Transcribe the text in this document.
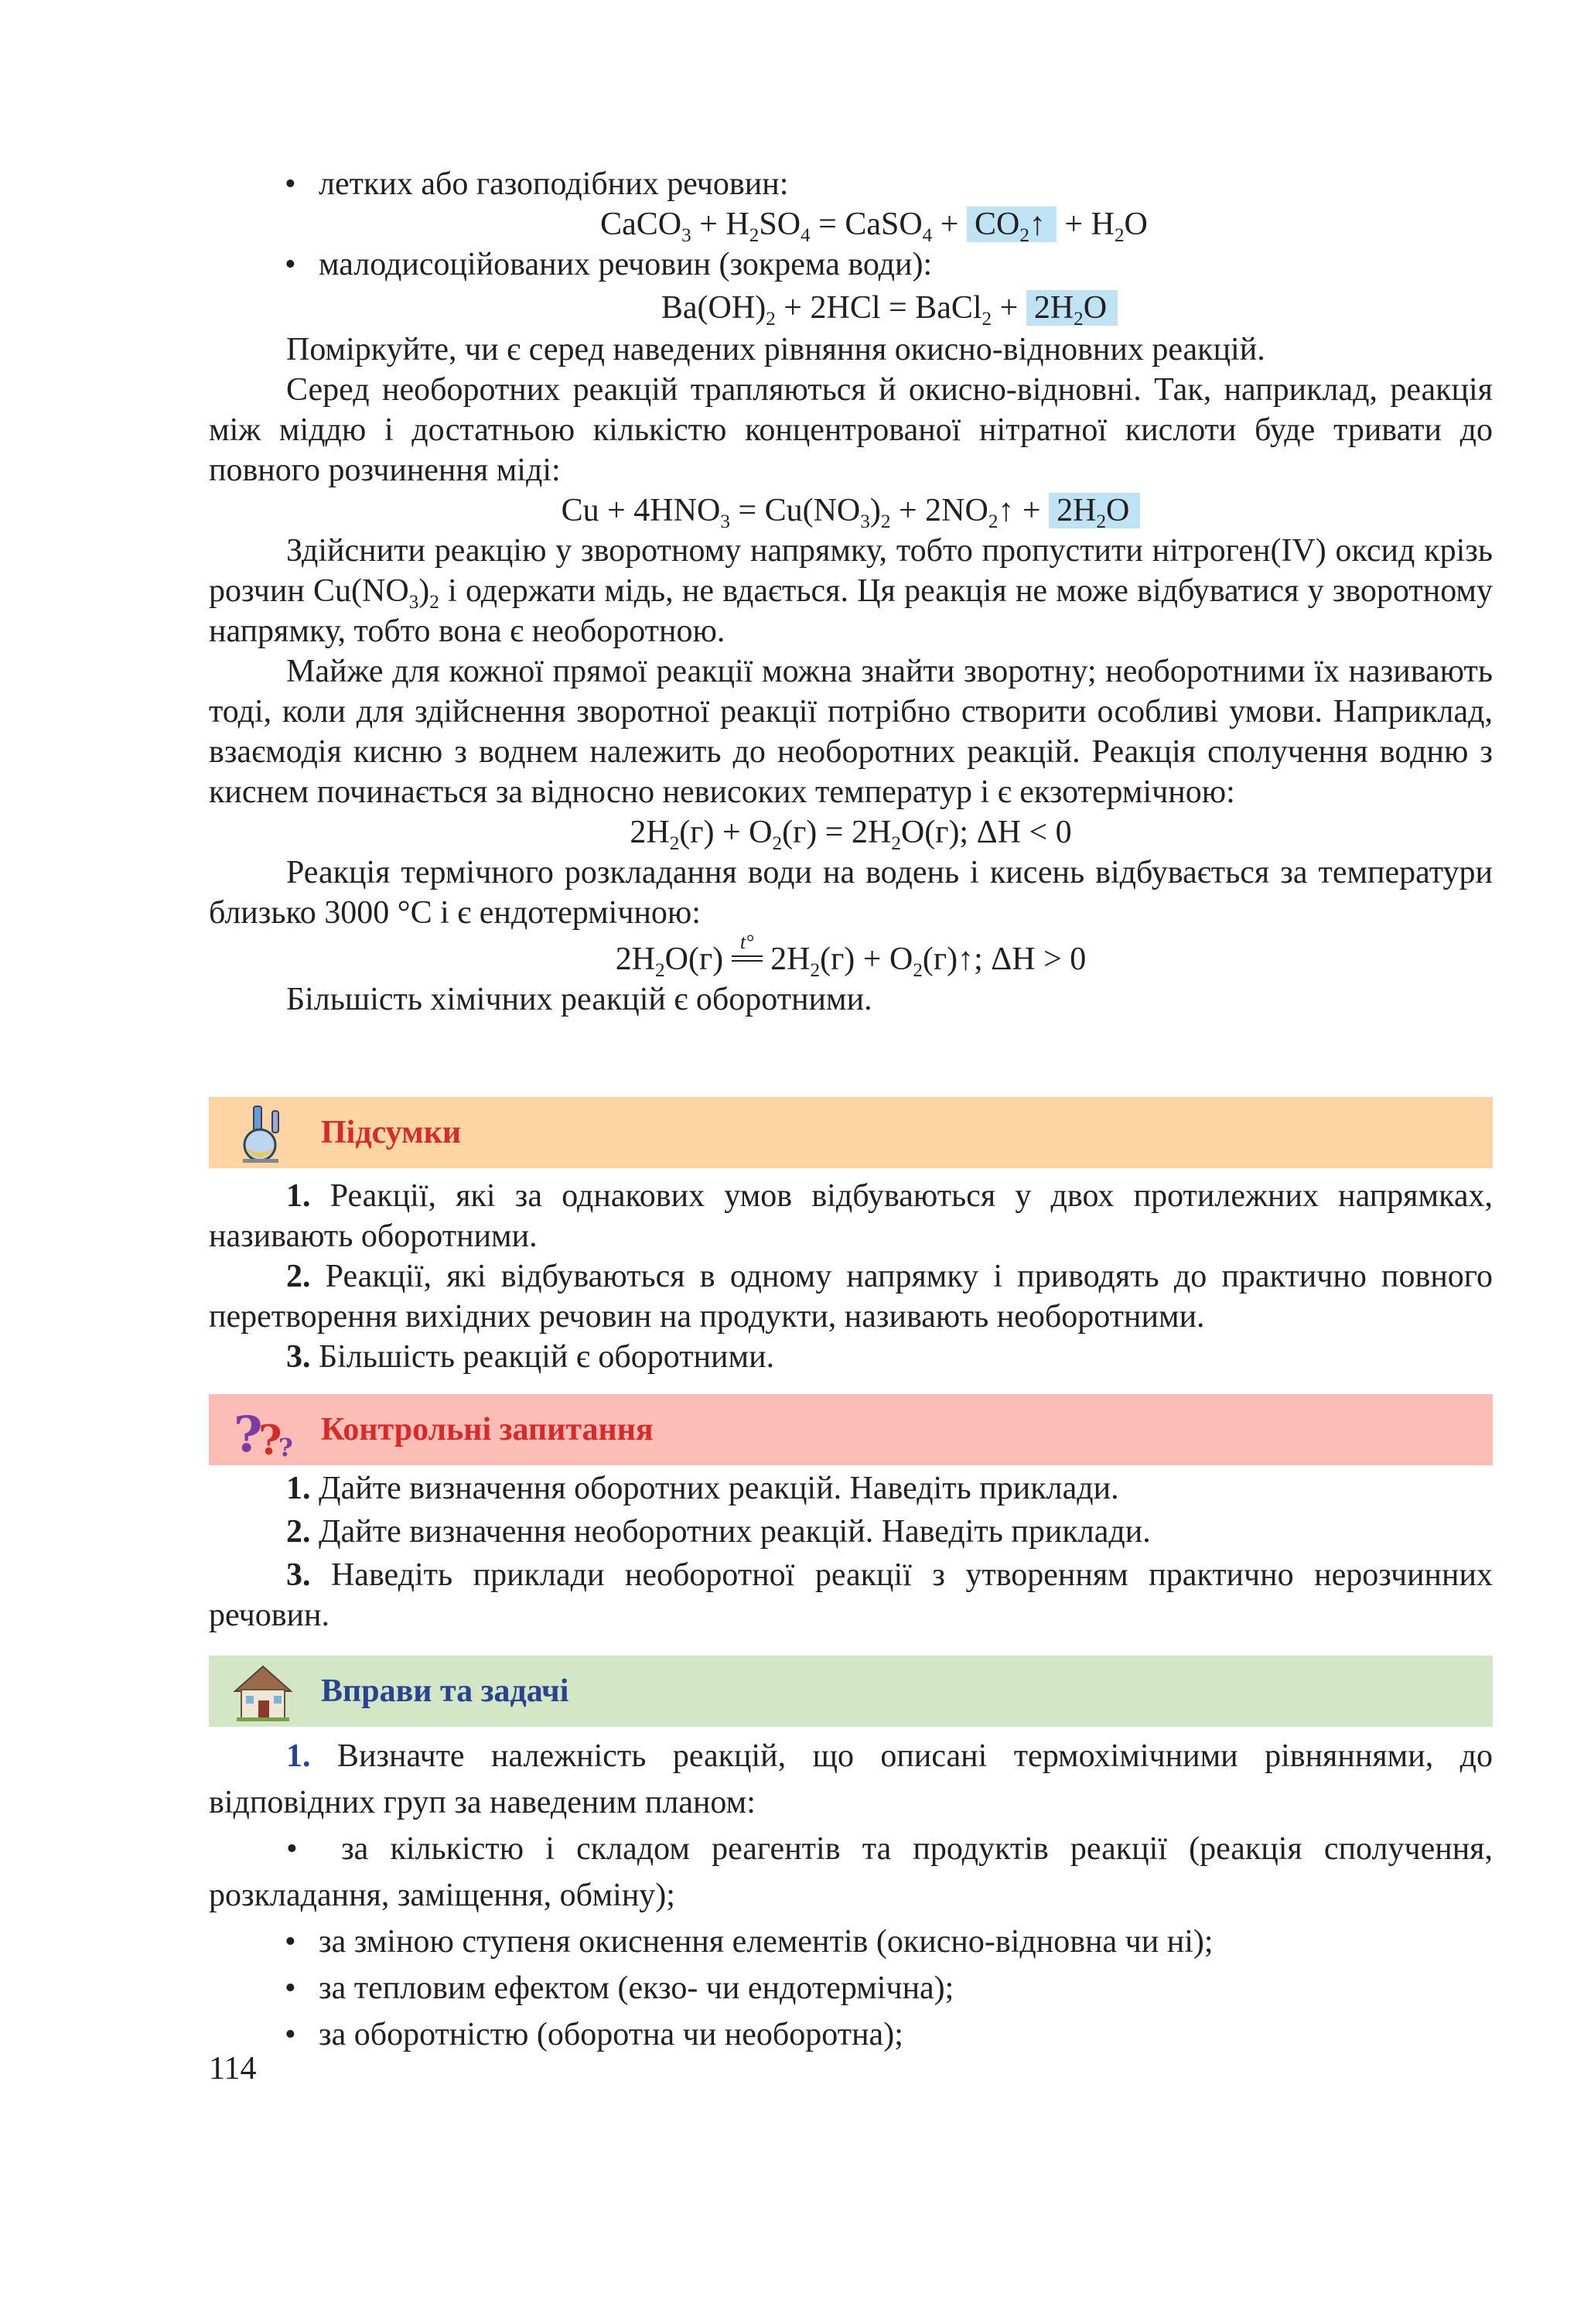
• летких або газоподібних речовин:

CaCO$_3$ + $H_2SO_4$ = CaSO$_4$ + $CO_2↑ + H_2O$

• малодисоційованих речовин (зокрема води):

$Ba(OH)_2 + 2HCl$ = BaCl$_2$ + $2H_2O$

Поміркуйте, чи є серед наведених рівняння окисно-відновних реакцій.

Серед необоротних реакцій трапляються й окисно-відновні. Так, наприклад, реакція між міддю і достатньою кількістю концентрованої нітратної кислоти буде тривати до повного розчинення міді:

$Cu + 4HNO_3 = Cu(NO_3)_2$ + $2NO_2↑ + 2H_2O$

Здійснити реакцію у зворотному напрямку, тобто пропустити нітроген(IV) оксид крізь розчин $Cu(NO_3)_2$ і одержати мідь, не вдається. Ця реакція не може відбуватися у зворотному напрямку, тобто вона є необоротною.

Майже для кожної прямої реакції можна знайти зворотну; необоротними їх називають тоді, коли для здійснення зворотної реакції потрібно створити особливі умови. Наприклад, взаємодія кисню з воднем належить до необоротних реакцій. Реакція сполучення водню з киснем починається за відносно невисоких температур і є екзотермічною:

$2H_2(г) + O_2(г) = 2H_2O(г)$; ΔH < 0

Реакція термічного розкладання води на водень і кисень відбувається за температури близько 3000 °C і є ендотермічною:

$2H_2O(г)$ t° $2H_2(г)$ + $O_2(г)↑$; ΔH > 0

Більшість хімічних реакцій є оборотними.

Підсумки

1. Реакції, які за однакових умов відбуваються у двох протилежних напрямках, називають оборотними.

2. Реакції, які відбуваються в одному напрямку і приводять до практично повного перетворення вихідних речовин на продукти, називають необоротними.

3. Більшість реакцій є оборотними.

?
?
? Контрольні запитання

1. Дайте визначення оборотних реакцій. Наведіть приклади.

2. Дайте визначення необоротних реакцій. Наведіть приклади.

3. Наведіть приклади необоротної реакції з утворенням практично нерозчинних речовин.

Вправи та задачі

1. Визначте належність реакцій, що описані термохімічними рівняннями, до відповідних груп за наведеним планом:

•  за кількістю і складом реагентів та продуктів реакції (реакція сполучення, розкладання, заміщення, обміну);

• за зміною ступеня окиснення елементів (окисно-відновна чи ні);

• за тепловим ефектом (екзо- чи ендотермічна);

• за оборотністю (оборотна чи необоротна);

114
